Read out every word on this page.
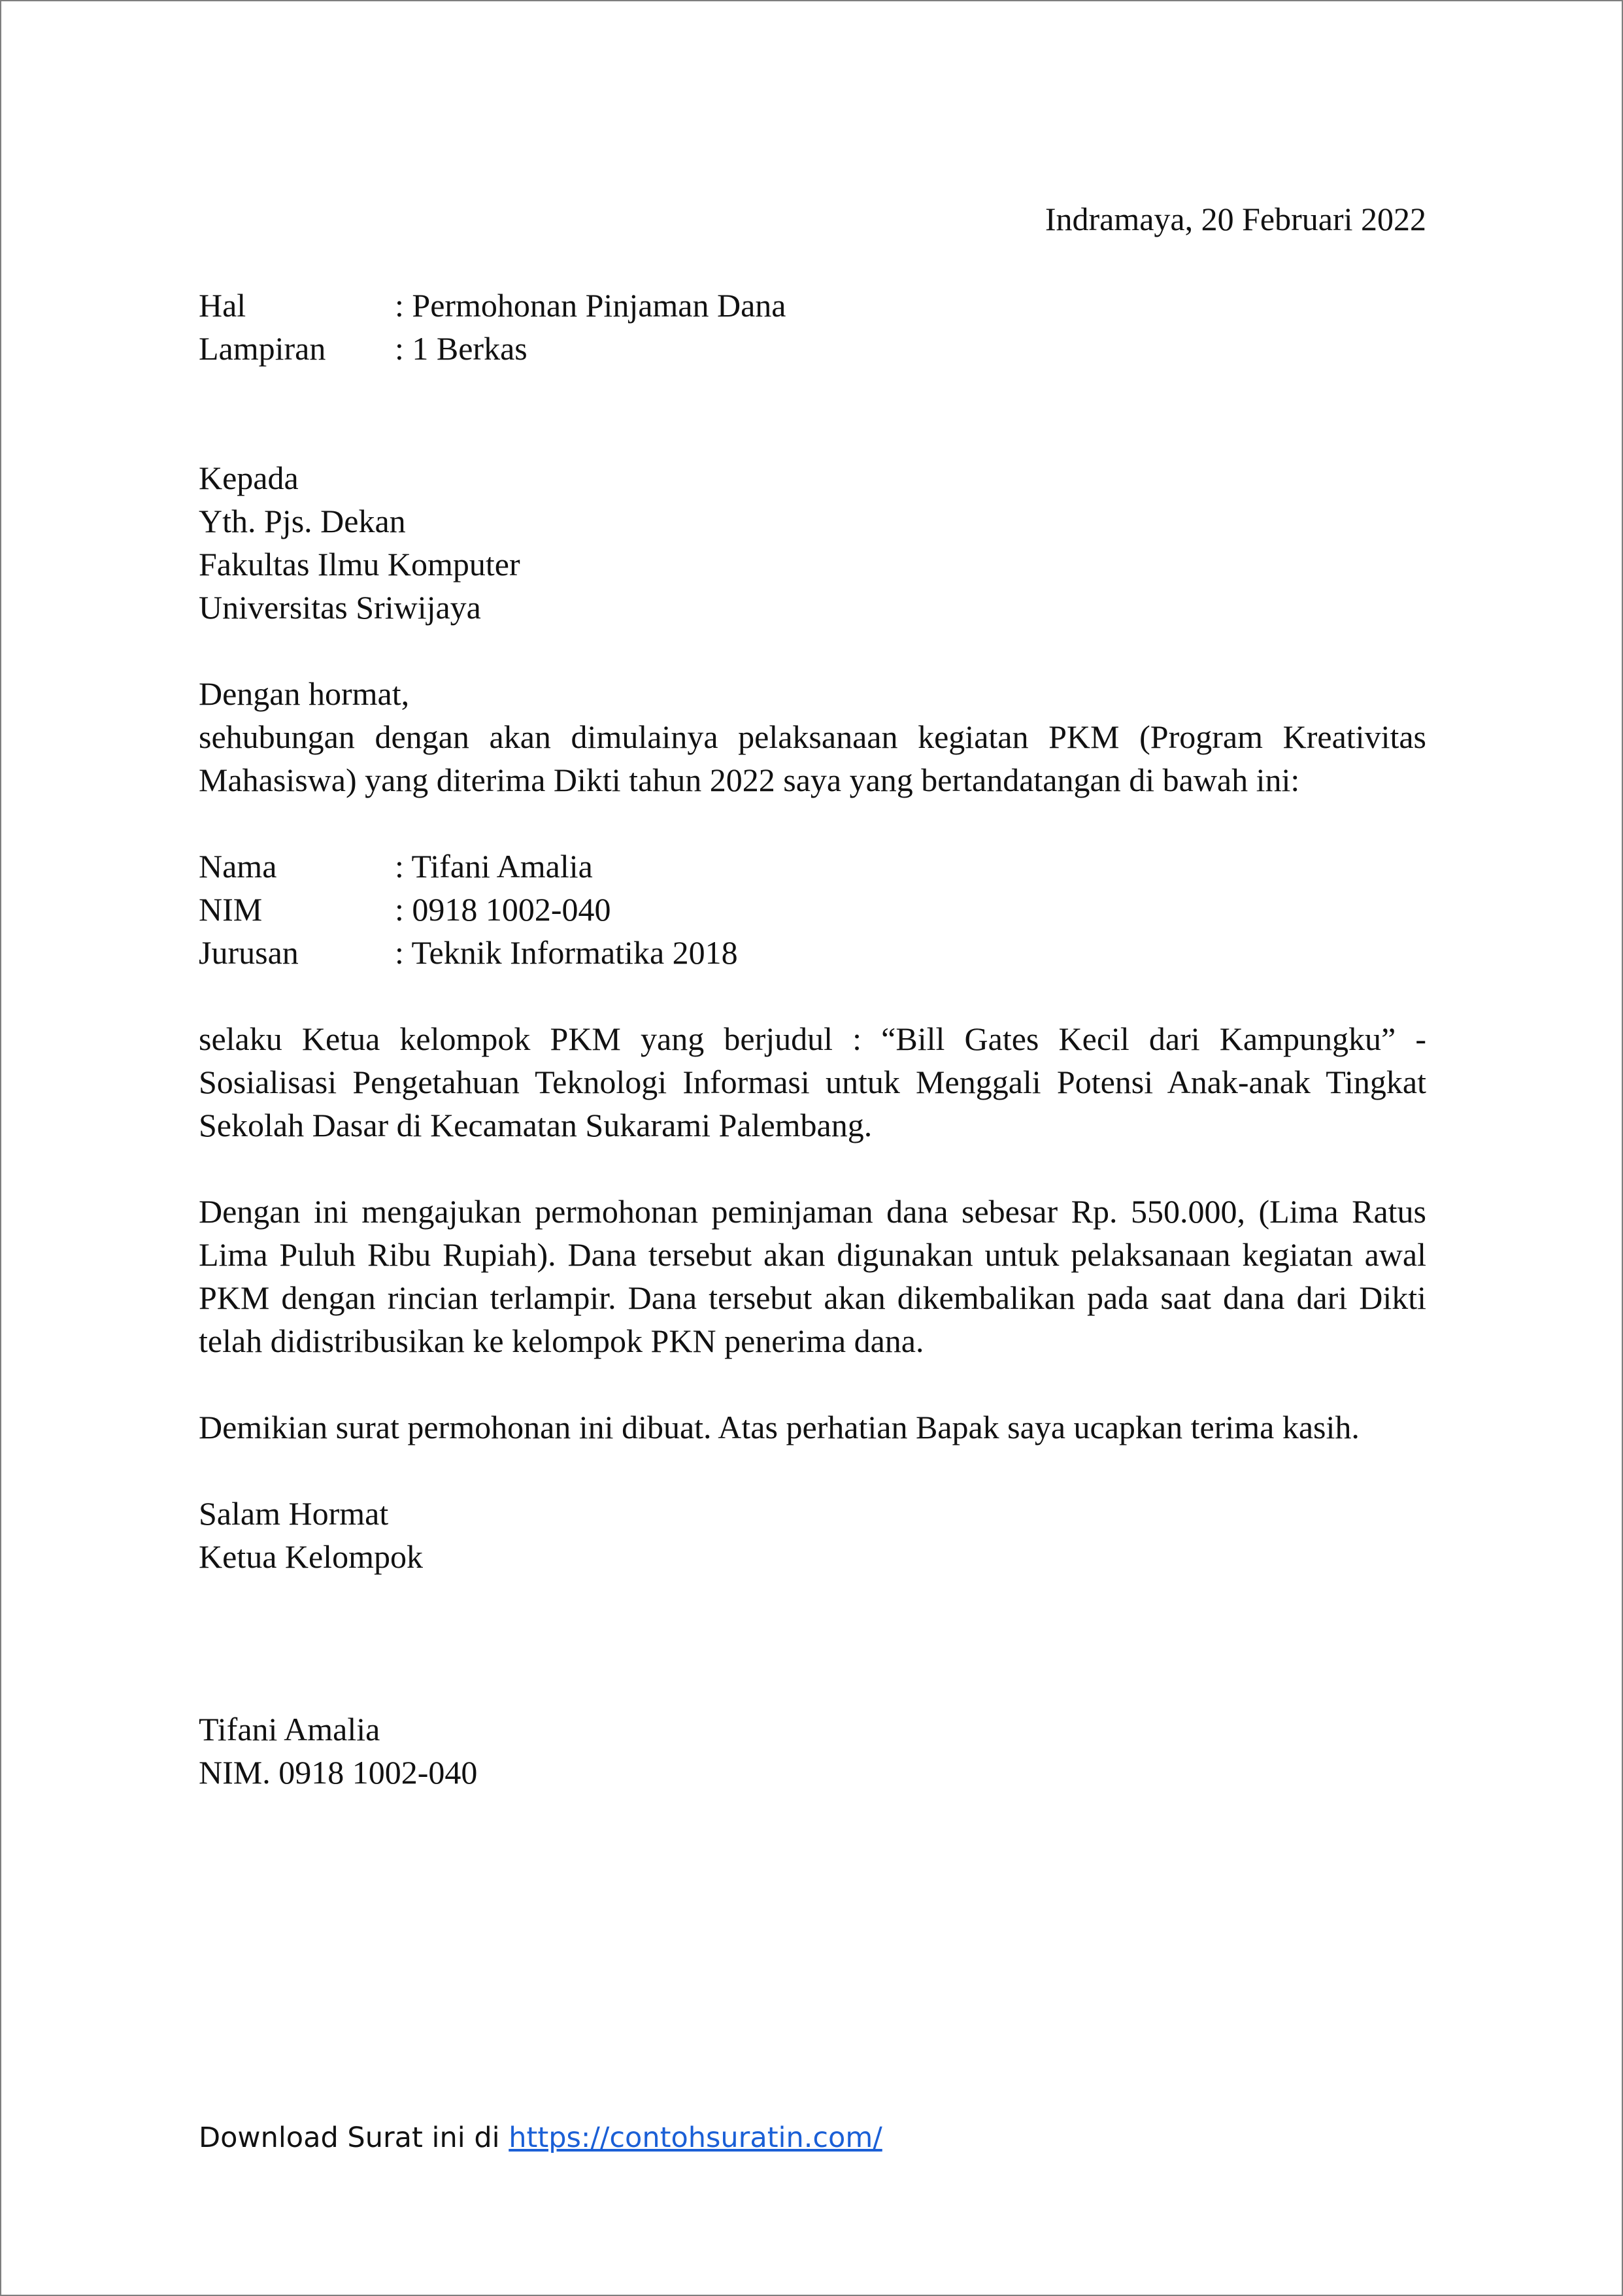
Indramaya, 20 Februari 2022

Hal	: Permohonan Pinjaman Dana
Lampiran	: 1 Berkas

Kepada

Yth. Pjs. Dekan

Fakultas Ilmu Komputer

Universitas Sriwijaya

Dengan hormat,

sehubungan dengan akan dimulainya pelaksanaan kegiatan PKM (Program Kreativitas Mahasiswa) yang diterima Dikti tahun 2022 saya yang bertandatangan di bawah ini:

Nama	: Tifani Amalia
NIM	: 0918 1002-040
Jurusan	: Teknik Informatika 2018

selaku Ketua kelompok PKM yang berjudul : “Bill Gates Kecil dari Kampungku” - Sosialisasi Pengetahuan Teknologi Informasi untuk Menggali Potensi Anak-anak Tingkat Sekolah Dasar di Kecamatan Sukarami Palembang.

Dengan ini mengajukan permohonan peminjaman dana sebesar Rp. 550.000, (Lima Ratus Lima Puluh Ribu Rupiah). Dana tersebut akan digunakan untuk pelaksanaan kegiatan awal PKM dengan rincian terlampir. Dana tersebut akan dikembalikan pada saat dana dari Dikti telah didistribusikan ke kelompok PKN penerima dana.

Demikian surat permohonan ini dibuat. Atas perhatian Bapak saya ucapkan terima kasih.

Salam Hormat

Ketua Kelompok

Tifani Amalia

NIM. 0918 1002-040

Download Surat ini di https://contohsuratin.com/
